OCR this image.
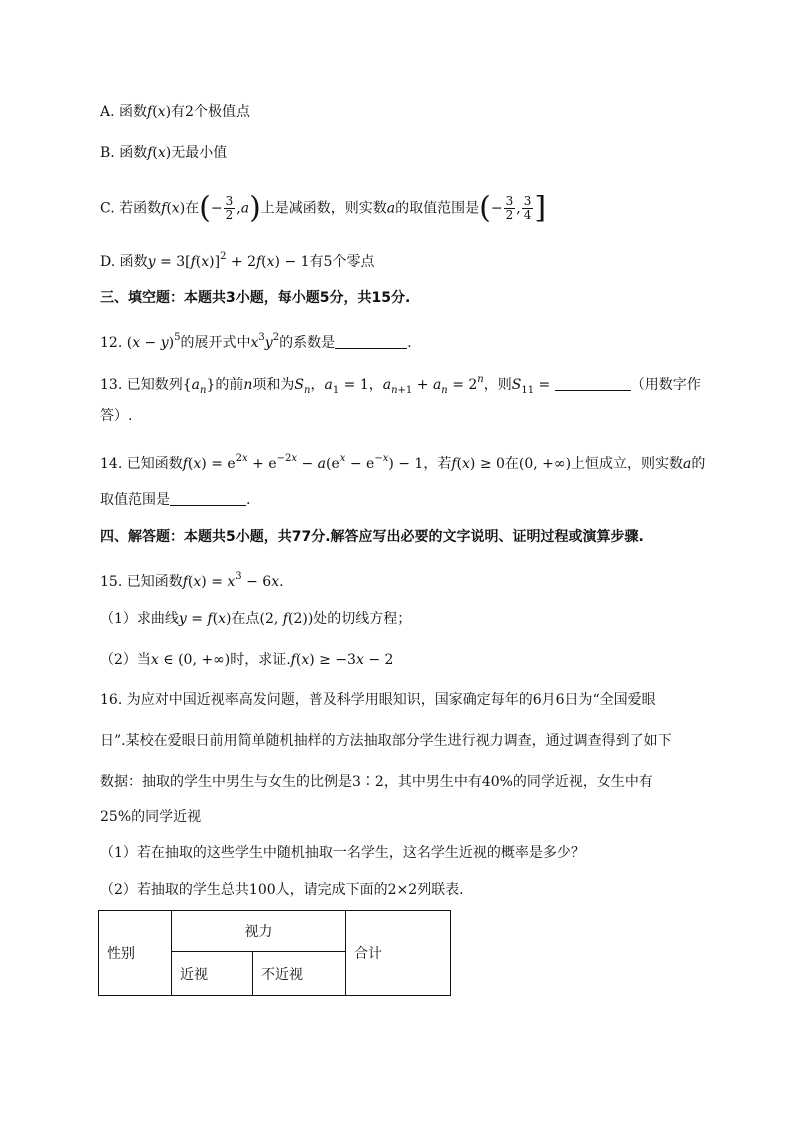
A. 函数f(x)有2个极值点
B. 函数f(x)无最小值
C. 若函数f(x)在(− $\frac{3}{2} ,a$)上是减函数，则实数a的取值范围是(− $\frac{3}{2}$ , $\frac{3}{4}$ ]
D. 函数$y = 3[f(x)]^2 + 2f(x) - 1$有5个零点
三、填空题：本题共3小题，每小题5分，共15分.
12. $(x - y)^5$的展开式中$x^3y^2$的系数是	.
13. 已知数列$\{a_n\}$的前n项和为$S_n$，$a_1 = 1$，$a_{n+1} + a_n = 2^n$，则$S_{11}$ =	（用数字作
答）.
14. 已知函数$f(x) = e^{2x} + e^{-2x} - a(e^x - e^{-x}) - 1$，若f(x) ≥ 0在(0, +∞)上恒成立，则实数a的
取值范围是	.
四、解答题：本题共5小题，共77分.解答应写出必要的文字说明、证明过程或演算步骤.
15. 已知函数$f(x) = x^3 - 6x$.
（1）求曲线y = f(x)在点(2, f(2))处的切线方程；
（2）当x ∈ (0, +∞)时，求证.f(x) ≥ −3x − 2
16. 为应对中国近视率高发问题，普及科学用眼知识，国家确定每年的6月6日为“全国爱眼
日”.某校在爱眼日前用简单随机抽样的方法抽取部分学生进行视力调查，通过调查得到了如下
数据：抽取的学生中男生与女生的比例是3∶2，其中男生中有40%的同学近视，女生中有
25%的同学近视
（1）若在抽取的这些学生中随机抽取一名学生，这名学生近视的概率是多少？
（2）若抽取的学生总共100人，请完成下面的2×2列联表.
性别	视力		合计
	近视	不近视	
